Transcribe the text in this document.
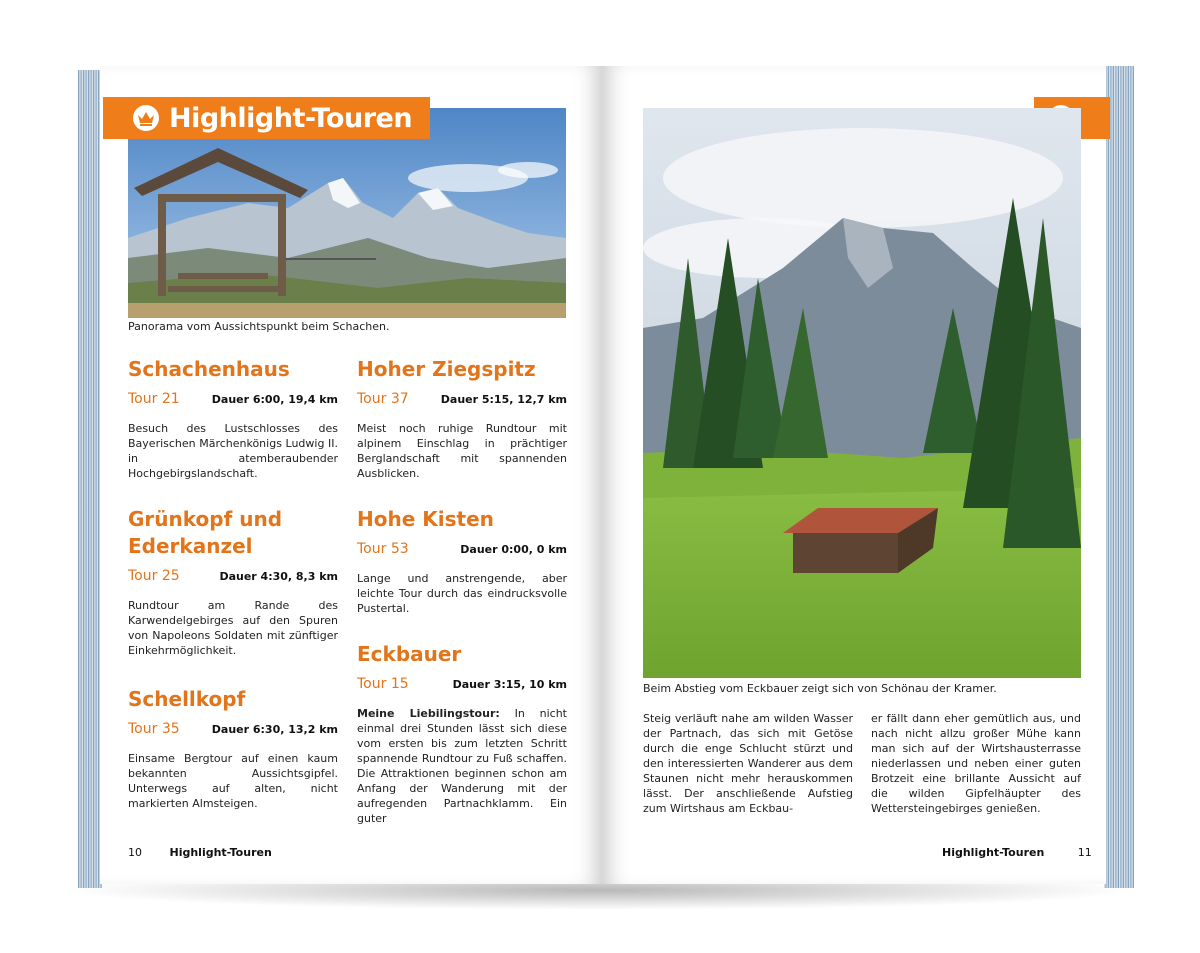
Panorama vom Aussichtspunkt beim Schachen.
Highlight-Touren
Schachenhaus
Tour 21	Dauer 6:00, 19,4 km
Besuch des Lustschlosses des Bayerischen Märchenkönigs Ludwig II. in atemberaubender Hochgebirgslandschaft.
Grünkopf und Ederkanzel
Tour 25	Dauer 4:30, 8,3 km
Rundtour am Rande des Karwendelgebirges auf den Spuren von Napoleons Soldaten mit zünftiger Einkehrmöglichkeit.
Schellkopf
Tour 35	Dauer 6:30, 13,2 km
Einsame Bergtour auf einen kaum bekannten Aussichtsgipfel. Unterwegs auf alten, nicht markierten Almsteigen.
Hoher Ziegspitz
Tour 37	Dauer 5:15, 12,7 km
Meist noch ruhige Rundtour mit alpinem Einschlag in prächtiger Berglandschaft mit spannenden Ausblicken.
Hohe Kisten
Tour 53	Dauer 0:00, 0 km
Lange und anstrengende, aber leichte Tour durch das eindrucksvolle Pustertal.
Eckbauer
Tour 15	Dauer 3:15, 10 km
Meine Liebilingstour: In nicht einmal drei Stunden lässt sich diese vom ersten bis zum letzten Schritt spannende Rundtour zu Fuß schaffen. Die Attraktionen beginnen schon am Anfang der Wanderung mit der aufregenden Partnachklamm. Ein guter
10	Highlight-Touren
Beim Abstieg vom Eckbauer zeigt sich von Schönau der Kramer.
Steig verläuft nahe am wilden Wasser der Partnach, das sich mit Getöse durch die enge Schlucht stürzt und den interessierten Wanderer aus dem Staunen nicht mehr herauskommen lässt. Der anschließende Aufstieg zum Wirtshaus am Eckbau-
er fällt dann eher gemütlich aus, und nach nicht allzu großer Mühe kann man sich auf der Wirtshausterrasse niederlassen und neben einer guten Brotzeit eine brillante Aussicht auf die wilden Gipfelhäupter des Wettersteingebirges genießen.
Highlight-Touren	11
